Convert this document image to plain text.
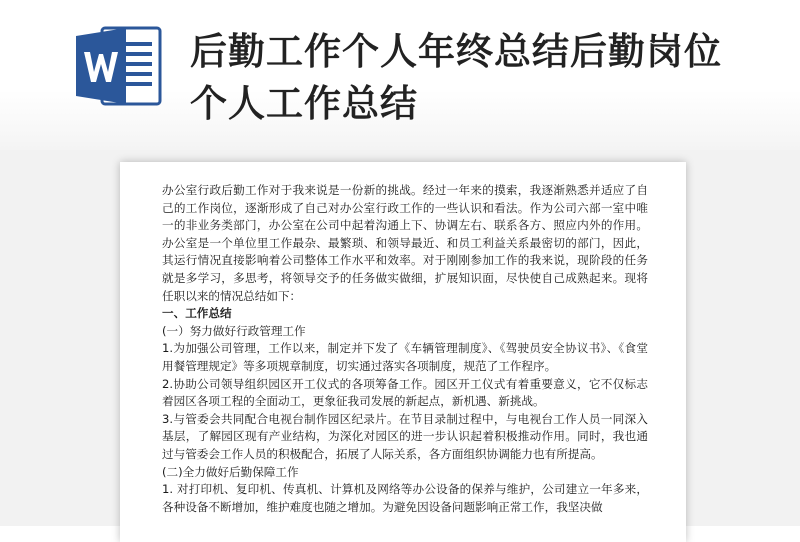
后勤工作个人年终总结后勤岗位
个人工作总结

办公室行政后勤工作对于我来说是一份新的挑战。经过一年来的摸索，我逐渐熟悉并适应了自己的工作岗位，逐渐形成了自己对办公室行政工作的一些认识和看法。作为公司六部一室中唯一的非业务类部门，办公室在公司中起着沟通上下、协调左右、联系各方、照应内外的作用。办公室是一个单位里工作最杂、最繁琐、和领导最近、和员工利益关系最密切的部门，因此，其运行情况直接影响着公司整体工作水平和效率。对于刚刚参加工作的我来说，现阶段的任务就是多学习，多思考，将领导交予的任务做实做细，扩展知识面，尽快使自己成熟起来。现将任职以来的情况总结如下：

一、工作总结

(一）努力做好行政管理工作

1.为加强公司管理，工作以来，制定并下发了《车辆管理制度》、《驾驶员安全协议书》、《食堂用餐管理规定》等多项规章制度，切实通过落实各项制度，规范了工作程序。

2.协助公司领导组织园区开工仪式的各项筹备工作。园区开工仪式有着重要意义，它不仅标志着园区各项工程的全面动工，更象征我司发展的新起点，新机遇、新挑战。

3.与管委会共同配合电视台制作园区纪录片。在节目录制过程中，与电视台工作人员一同深入基层，了解园区现有产业结构，为深化对园区的进一步认识起着积极推动作用。同时，我也通过与管委会工作人员的积极配合，拓展了人际关系，各方面组织协调能力也有所提高。

(二)全力做好后勤保障工作

1. 对打印机、复印机、传真机、计算机及网络等办公设备的保养与维护，公司建立一年多来，各种设备不断增加，维护难度也随之增加。为避免因设备问题影响正常工作，我坚决做
